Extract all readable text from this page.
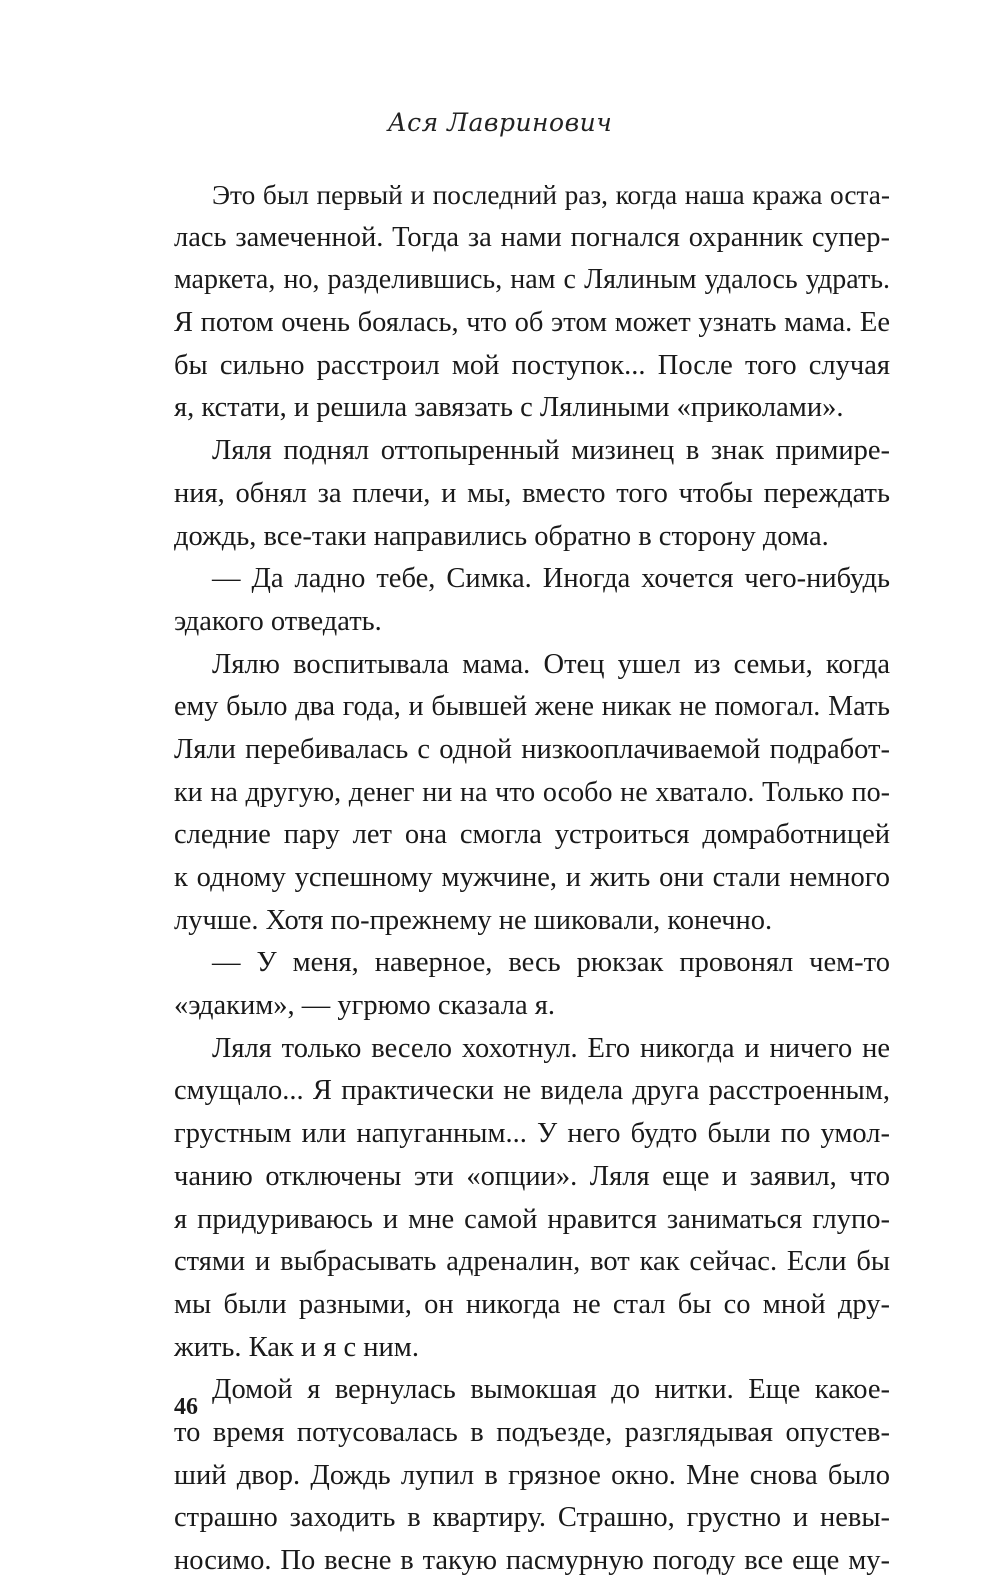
Ася Лавринович
Это был первый и последний раз, когда наша кража оста-
лась замеченной. Тогда за нами погнался охранник супер-
маркета, но, разделившись, нам с Лялиным удалось удрать.
Я потом очень боялась, что об этом может узнать мама. Ее
бы сильно расстроил мой поступок... После того случая
я, кстати, и решила завязать с Лялиными «приколами».
Ляля поднял оттопыренный мизинец в знак примире-
ния, обнял за плечи, и мы, вместо того чтобы переждать
дождь, все-таки направились обратно в сторону дома.
— Да ладно тебе, Симка. Иногда хочется чего-нибудь
эдакого отведать.
Лялю воспитывала мама. Отец ушел из семьи, когда
ему было два года, и бывшей жене никак не помогал. Мать
Ляли перебивалась с одной низкооплачиваемой подработ-
ки на другую, денег ни на что особо не хватало. Только по-
следние пару лет она смогла устроиться домработницей
к одному успешному мужчине, и жить они стали немного
лучше. Хотя по-прежнему не шиковали, конечно.
— У меня, наверное, весь рюкзак провонял чем-то
«эдаким», — угрюмо сказала я.
Ляля только весело хохотнул. Его никогда и ничего не
смущало... Я практически не видела друга расстроенным,
грустным или напуганным... У него будто были по умол-
чанию отключены эти «опции». Ляля еще и заявил, что
я придуриваюсь и мне самой нравится заниматься глупо-
стями и выбрасывать адреналин, вот как сейчас. Если бы
мы были разными, он никогда не стал бы со мной дру-
жить. Как и я с ним.
Домой я вернулась вымокшая до нитки. Еще какое-
то время потусовалась в подъезде, разглядывая опустев-
ший двор. Дождь лупил в грязное окно. Мне снова было
страшно заходить в квартиру. Страшно, грустно и невы-
носимо. По весне в такую пасмурную погоду все еще му-
46
